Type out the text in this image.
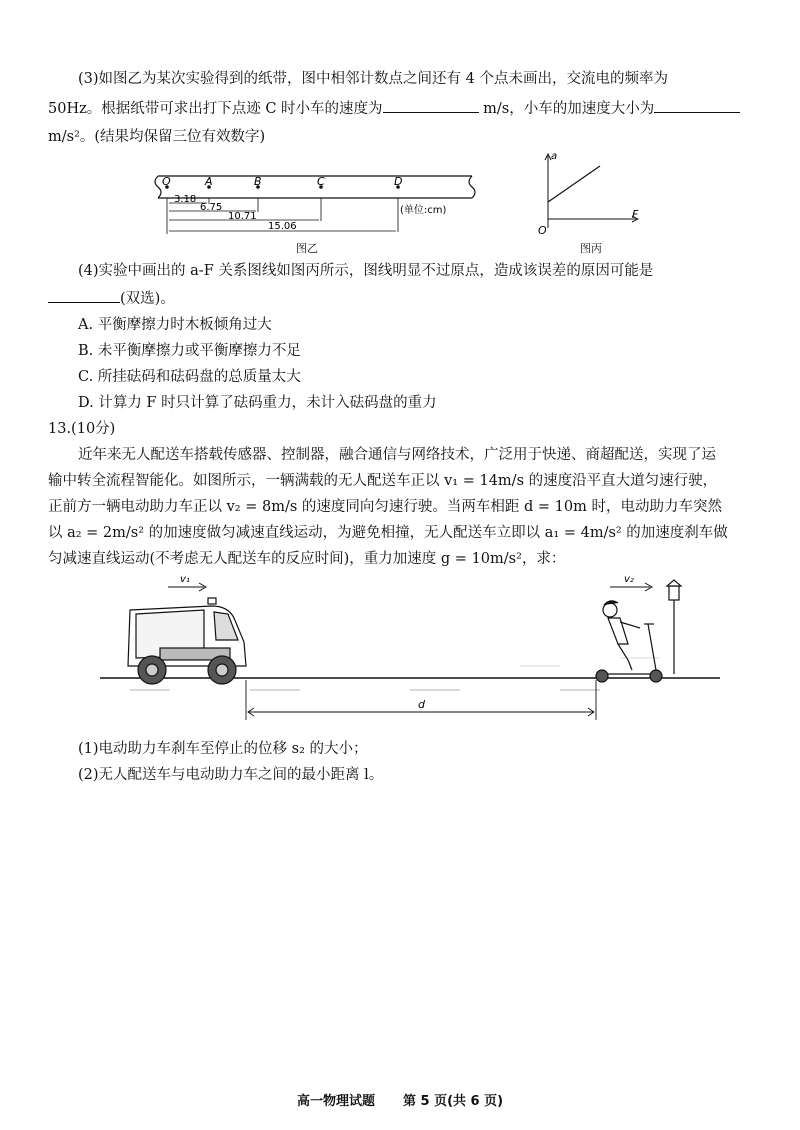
(3)如图乙为某次实验得到的纸带，图中相邻计数点之间还有 4 个点未画出，交流电的频率为

50Hz。根据纸带可求出打下点迹 C 时小车的速度为	m/s，小车的加速度大小为

m/s²。(结果均保留三位有效数字)

O	A	B	C	D
3.18
6.75
10.71
15.06
(单位:cm)
图乙
a
F
O
图丙

(4)实验中画出的 a-F 关系图线如图丙所示，图线明显不过原点，造成该误差的原因可能是

(双选)。

A. 平衡摩擦力时木板倾角过大

B. 未平衡摩擦力或平衡摩擦力不足

C. 所挂砝码和砝码盘的总质量太大

D. 计算力 F 时只计算了砝码重力，未计入砝码盘的重力

13.(10分)

近年来无人配送车搭载传感器、控制器，融合通信与网络技术，广泛用于快递、商超配送，实现了运

输中转全流程智能化。如图所示，一辆满载的无人配送车正以 v₁ = 14m/s 的速度沿平直大道匀速行驶，

正前方一辆电动助力车正以 v₂ = 8m/s 的速度同向匀速行驶。当两车相距 d = 10m 时，电动助力车突然

以 a₂ = 2m/s² 的加速度做匀减速直线运动，为避免相撞，无人配送车立即以 a₁ = 4m/s² 的加速度刹车做

匀减速直线运动(不考虑无人配送车的反应时间)，重力加速度 g = 10m/s²，求：

v₁	v₂
d

(1)电动助力车刹车至停止的位移 s₂ 的大小；

(2)无人配送车与电动助力车之间的最小距离 l。

高一物理试题 第 5 页(共 6 页)
